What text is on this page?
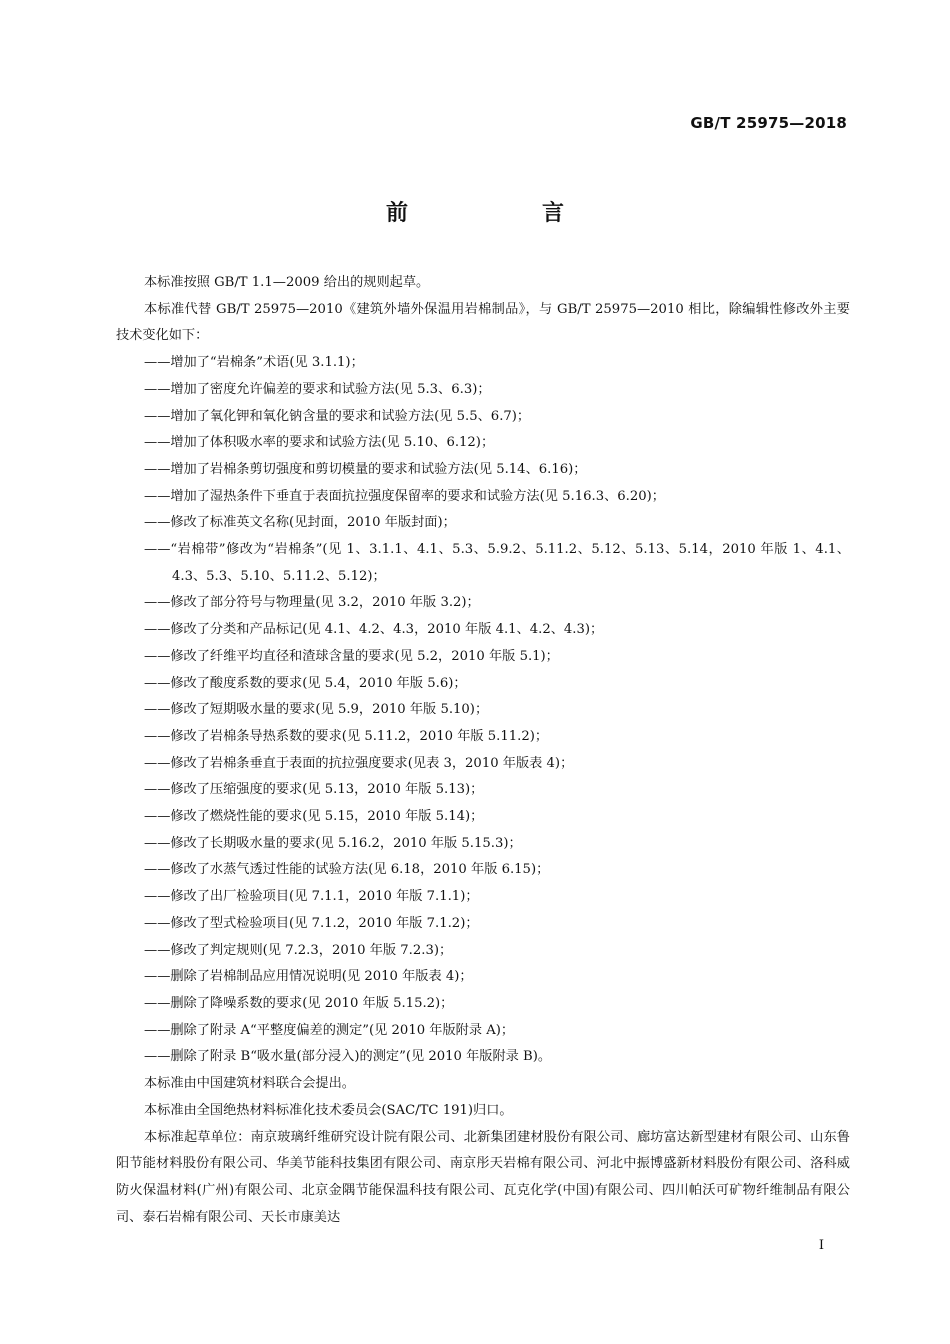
GB/T 25975—2018
前　言

本标准按照 GB/T 1.1—2009 给出的规则起草。

本标准代替 GB/T 25975—2010《建筑外墙外保温用岩棉制品》，与 GB/T 25975—2010 相比，除编辑性修改外主要技术变化如下：

——增加了“岩棉条”术语(见 3.1.1)；

——增加了密度允许偏差的要求和试验方法(见 5.3、6.3)；

——增加了氧化钾和氧化钠含量的要求和试验方法(见 5.5、6.7)；

——增加了体积吸水率的要求和试验方法(见 5.10、6.12)；

——增加了岩棉条剪切强度和剪切模量的要求和试验方法(见 5.14、6.16)；

——增加了湿热条件下垂直于表面抗拉强度保留率的要求和试验方法(见 5.16.3、6.20)；

——修改了标准英文名称(见封面，2010 年版封面)；

——“岩棉带”修改为“岩棉条”(见 1、3.1.1、4.1、5.3、5.9.2、5.11.2、5.12、5.13、5.14，2010 年版 1、4.1、4.3、5.3、5.10、5.11.2、5.12)；

——修改了部分符号与物理量(见 3.2，2010 年版 3.2)；

——修改了分类和产品标记(见 4.1、4.2、4.3，2010 年版 4.1、4.2、4.3)；

——修改了纤维平均直径和渣球含量的要求(见 5.2，2010 年版 5.1)；

——修改了酸度系数的要求(见 5.4，2010 年版 5.6)；

——修改了短期吸水量的要求(见 5.9，2010 年版 5.10)；

——修改了岩棉条导热系数的要求(见 5.11.2，2010 年版 5.11.2)；

——修改了岩棉条垂直于表面的抗拉强度要求(见表 3，2010 年版表 4)；

——修改了压缩强度的要求(见 5.13，2010 年版 5.13)；

——修改了燃烧性能的要求(见 5.15，2010 年版 5.14)；

——修改了长期吸水量的要求(见 5.16.2，2010 年版 5.15.3)；

——修改了水蒸气透过性能的试验方法(见 6.18，2010 年版 6.15)；

——修改了出厂检验项目(见 7.1.1，2010 年版 7.1.1)；

——修改了型式检验项目(见 7.1.2，2010 年版 7.1.2)；

——修改了判定规则(见 7.2.3，2010 年版 7.2.3)；

——删除了岩棉制品应用情况说明(见 2010 年版表 4)；

——删除了降噪系数的要求(见 2010 年版 5.15.2)；

——删除了附录 A“平整度偏差的测定”(见 2010 年版附录 A)；

——删除了附录 B“吸水量(部分浸入)的测定”(见 2010 年版附录 B)。

本标准由中国建筑材料联合会提出。

本标准由全国绝热材料标准化技术委员会(SAC/TC 191)归口。

本标准起草单位：南京玻璃纤维研究设计院有限公司、北新集团建材股份有限公司、廊坊富达新型建材有限公司、山东鲁阳节能材料股份有限公司、华美节能科技集团有限公司、南京彤天岩棉有限公司、河北中振博盛新材料股份有限公司、洛科威防火保温材料(广州)有限公司、北京金隅节能保温科技有限公司、瓦克化学(中国)有限公司、四川帕沃可矿物纤维制品有限公司、泰石岩棉有限公司、天长市康美达

I
